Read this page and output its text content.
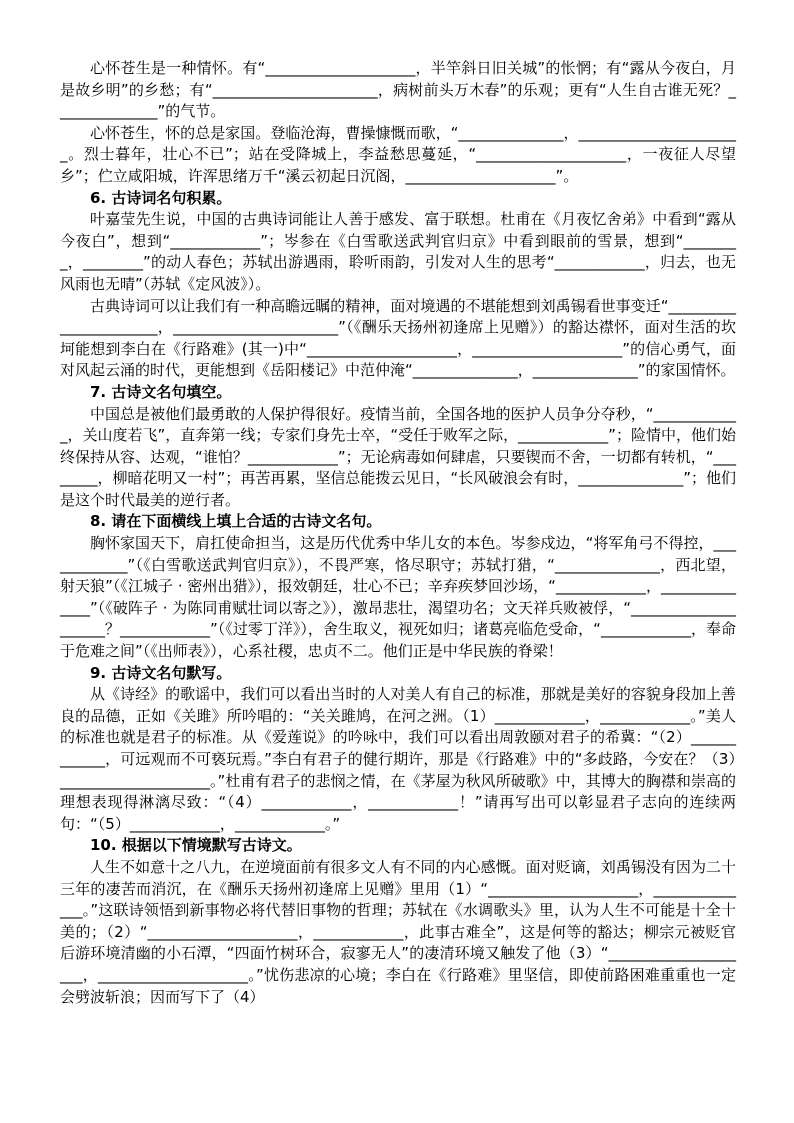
心怀苍生是一种情怀。有“____________________，半竿斜日旧关城”的怅惘；有“露从今夜白，月是故乡明”的乡愁；有“______________________，病树前头万木春”的乐观；更有“人生自古谁无死？______________”的气节。

心怀苍生，怀的总是家国。登临沧海，曹操慷慨而歌，“______________，______________________。烈士暮年，壮心不已”；站在受降城上，李益愁思蔓延，“____________________，一夜征人尽望乡”；伫立咸阳城，许浑思绪万千“溪云初起日沉阁，____________________”。

6. 古诗词名句积累。

叶嘉莹先生说，中国的古典诗词能让人善于感发、富于联想。杜甫在《月夜忆舍弟》中看到“露从今夜白”，想到“____________”；岑参在《白雪歌送武判官归京》中看到眼前的雪景，想到“________，________”的动人春色；苏轼出游遇雨，聆听雨韵，引发对人生的思考“____________，归去，也无风雨也无晴”（苏轼《定风波》）。

古典诗词可以让我们有一种高瞻远瞩的精神，面对境遇的不堪能想到刘禹锡看世事变迁“______________________，______________________”（《酬乐天扬州初逢席上见赠》）的豁达襟怀，面对生活的坎坷能想到李白在《行路难》(其一)中“____________________，____________________”的信心勇气，面对风起云涌的时代，更能想到《岳阳楼记》中范仲淹“______________，______________”的家国情怀。

7. 古诗文名句填空。

中国总是被他们最勇敢的人保护得很好。疫情当前，全国各地的医护人员争分夺秒，“____________，关山度若飞”，直奔第一线；专家们身先士卒，“受任于败军之际，____________”；险情中，他们始终保持从容、达观，“谁怕？____________”；无论病毒如何肆虐，只要锲而不舍，一切都有转机，“________，柳暗花明又一村”；再苦再累，坚信总能拨云见日，“长风破浪会有时，______________”；他们是这个时代最美的逆行者。

8. 请在下面横线上填上合适的古诗文名句。

胸怀家国天下，肩扛使命担当，这是历代优秀中华儿女的本色。岑参戍边，“将军角弓不得控，____________”（《白雪歌送武判官归京》），不畏严寒，恪尽职守；苏轼打猎，“______________，西北望，射天狼”（《江城子 · 密州出猎》），报效朝廷，壮心不已；辛弃疾梦回沙场，“____________，______________”（《破阵子 · 为陈同甫赋壮词以寄之》），激昂悲壮，渴望功名；文天祥兵败被俘，“____________________？____________”（《过零丁洋》），舍生取义，视死如归；诸葛亮临危受命，“____________，奉命于危难之间”（《出师表》），心系社稷，忠贞不二。他们正是中华民族的脊梁！

9. 古诗文名句默写。

从《诗经》的歌谣中，我们可以看出当时的人对美人有自己的标准，那就是美好的容貌身段加上善良的品德，正如《关雎》所吟唱的：“关关雎鸠，在河之洲。（1）____________，____________。”美人的标准也就是君子的标准。从《爱莲说》的吟咏中，我们可以看出周敦颐对君子的希冀：“（2）____________，可远观而不可亵玩焉。”李白有君子的健行期许，那是《行路难》中的“多歧路，今安在？（3）____________________。”杜甫有君子的悲悯之情，在《茅屋为秋风所破歌》中，其博大的胸襟和崇高的理想表现得淋漓尽致：“（4）____________，____________！”请再写出可以彰显君子志向的连续两句：“（5）____________，____________。”

10. 根据以下情境默写古诗文。

人生不如意十之八九，在逆境面前有很多文人有不同的内心感慨。面对贬谪，刘禹锡没有因为二十三年的凄苦而消沉，在《酬乐天扬州初逢席上见赠》里用（1）“____________________，______________。”这联诗领悟到新事物必将代替旧事物的哲理；苏轼在《水调歌头》里，认为人生不可能是十全十美的；（2）“____________________，____________，此事古难全”，这是何等的豁达；柳宗元被贬官后游环境清幽的小石潭，“四面竹树环合，寂寥无人”的凄清环境又触发了他（3）“____________________，____________________。”忧伤悲凉的心境；李白在《行路难》里坚信，即使前路困难重重也一定会劈波斩浪；因而写下了（4）
